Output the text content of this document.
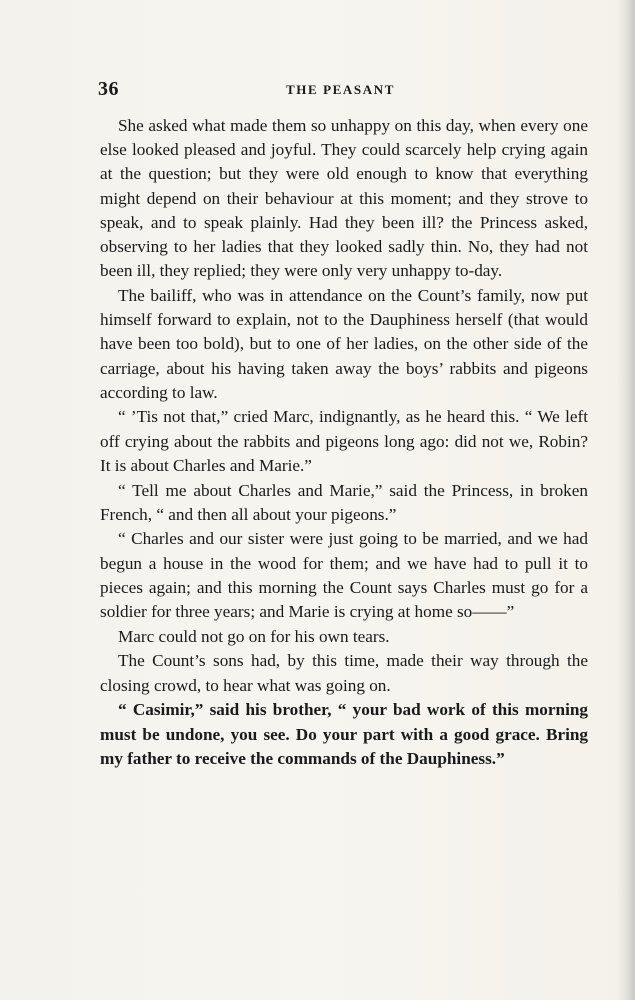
36	THE PEASANT

She asked what made them so unhappy on this day, when every one else looked pleased and joyful. They could scarcely help crying again at the question; but they were old enough to know that everything might depend on their behaviour at this moment; and they strove to speak, and to speak plainly. Had they been ill? the Princess asked, observing to her ladies that they looked sadly thin. No, they had not been ill, they replied; they were only very unhappy to-day.

The bailiff, who was in attendance on the Count’s family, now put himself forward to explain, not to the Dauphiness herself (that would have been too bold), but to one of her ladies, on the other side of the carriage, about his having taken away the boys’ rabbits and pigeons according to law.

“ ’Tis not that,” cried Marc, indignantly, as he heard this. “ We left off crying about the rabbits and pigeons long ago: did not we, Robin? It is about Charles and Marie.”

“ Tell me about Charles and Marie,” said the Princess, in broken French, “ and then all about your pigeons.”

“ Charles and our sister were just going to be married, and we had begun a house in the wood for them; and we have had to pull it to pieces again; and this morning the Count says Charles must go for a soldier for three years; and Marie is crying at home so——”

Marc could not go on for his own tears.

The Count’s sons had, by this time, made their way through the closing crowd, to hear what was going on.

“ Casimir,” said his brother, “ your bad work of this morning must be undone, you see. Do your part with a good grace. Bring my father to receive the commands of the Dauphiness.”
